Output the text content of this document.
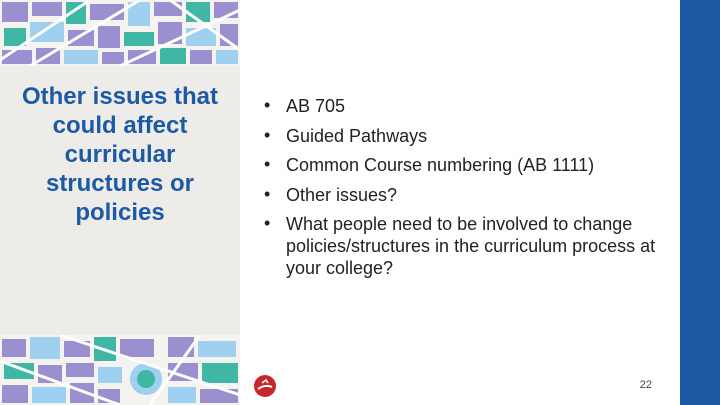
Other issues that could affect curricular structures or policies
• AB 705
• Guided Pathways
• Common Course numbering (AB 1111)
• Other issues?
• What people need to be involved to change policies/structures in the curriculum process at your college?
22
